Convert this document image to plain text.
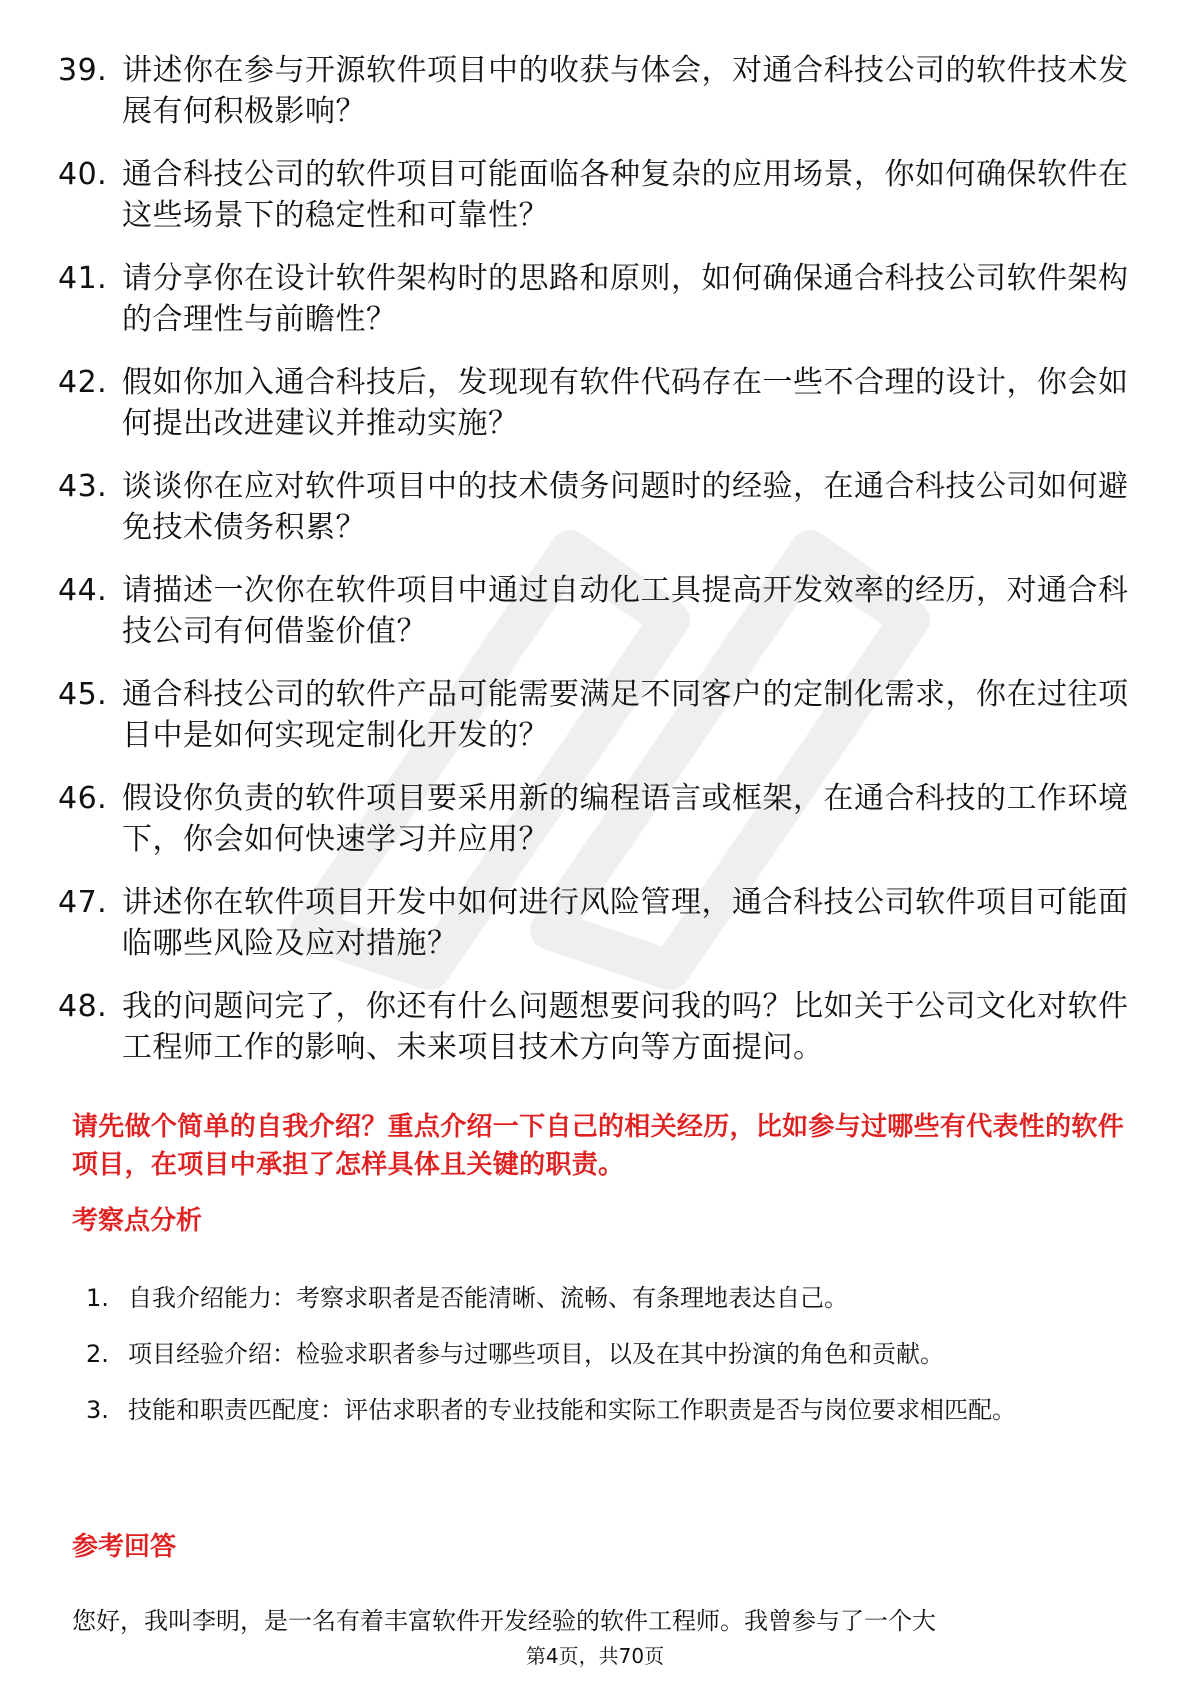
39. 讲述你在参与开源软件项目中的收获与体会，对通合科技公司的软件技术发展有何积极影响？
40. 通合科技公司的软件项目可能面临各种复杂的应用场景，你如何确保软件在这些场景下的稳定性和可靠性？
41. 请分享你在设计软件架构时的思路和原则，如何确保通合科技公司软件架构的合理性与前瞻性？
42. 假如你加入通合科技后，发现现有软件代码存在一些不合理的设计，你会如何提出改进建议并推动实施？
43. 谈谈你在应对软件项目中的技术债务问题时的经验，在通合科技公司如何避免技术债务积累？
44. 请描述一次你在软件项目中通过自动化工具提高开发效率的经历，对通合科技公司有何借鉴价值？
45. 通合科技公司的软件产品可能需要满足不同客户的定制化需求，你在过往项目中是如何实现定制化开发的？
46. 假设你负责的软件项目要采用新的编程语言或框架，在通合科技的工作环境下，你会如何快速学习并应用？
47. 讲述你在软件项目开发中如何进行风险管理，通合科技公司软件项目可能面临哪些风险及应对措施？
48. 我的问题问完了，你还有什么问题想要问我的吗？比如关于公司文化对软件工程师工作的影响、未来项目技术方向等方面提问。
请先做个简单的自我介绍？重点介绍一下自己的相关经历，比如参与过哪些有代表性的软件项目，在项目中承担了怎样具体且关键的职责。
考察点分析
1. 自我介绍能力：考察求职者是否能清晰、流畅、有条理地表达自己。
2. 项目经验介绍：检验求职者参与过哪些项目，以及在其中扮演的角色和贡献。
3. 技能和职责匹配度：评估求职者的专业技能和实际工作职责是否与岗位要求相匹配。
参考回答
您好，我叫李明，是一名有着丰富软件开发经验的软件工程师。我曾参与了一个大
第4页，共70页
